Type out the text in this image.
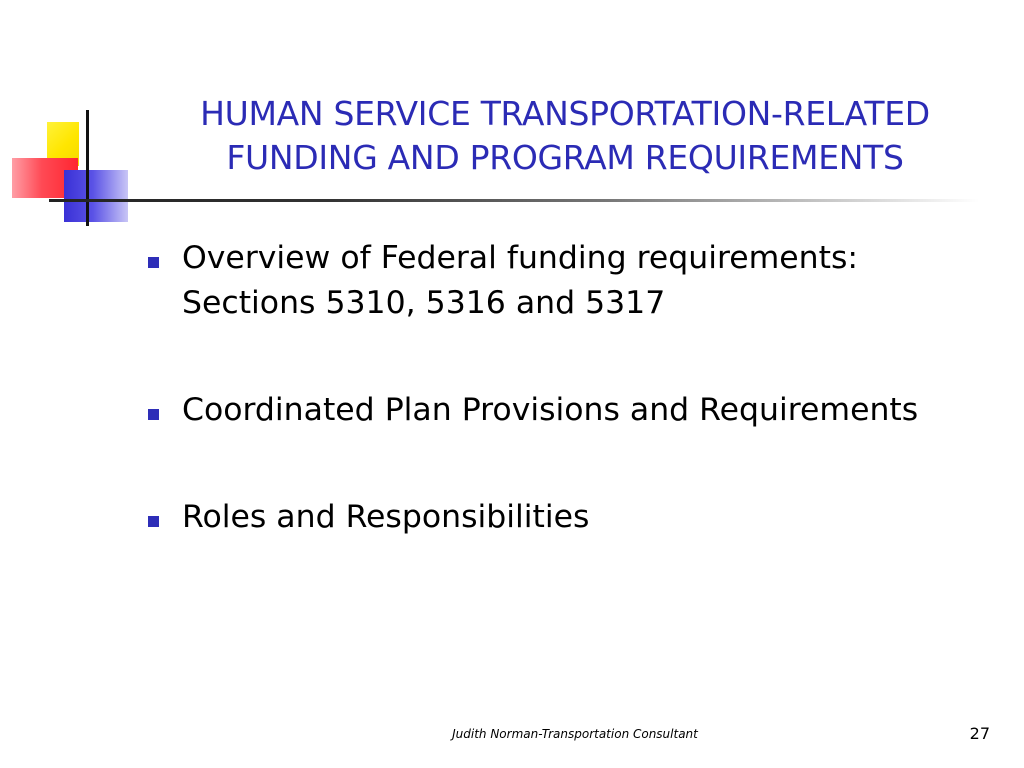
HUMAN SERVICE TRANSPORTATION-RELATED
FUNDING AND PROGRAM REQUIREMENTS
Overview of Federal funding requirements: Sections 5310, 5316 and 5317
Coordinated Plan Provisions and Requirements
Roles and Responsibilities
Judith Norman-Transportation Consultant	27
